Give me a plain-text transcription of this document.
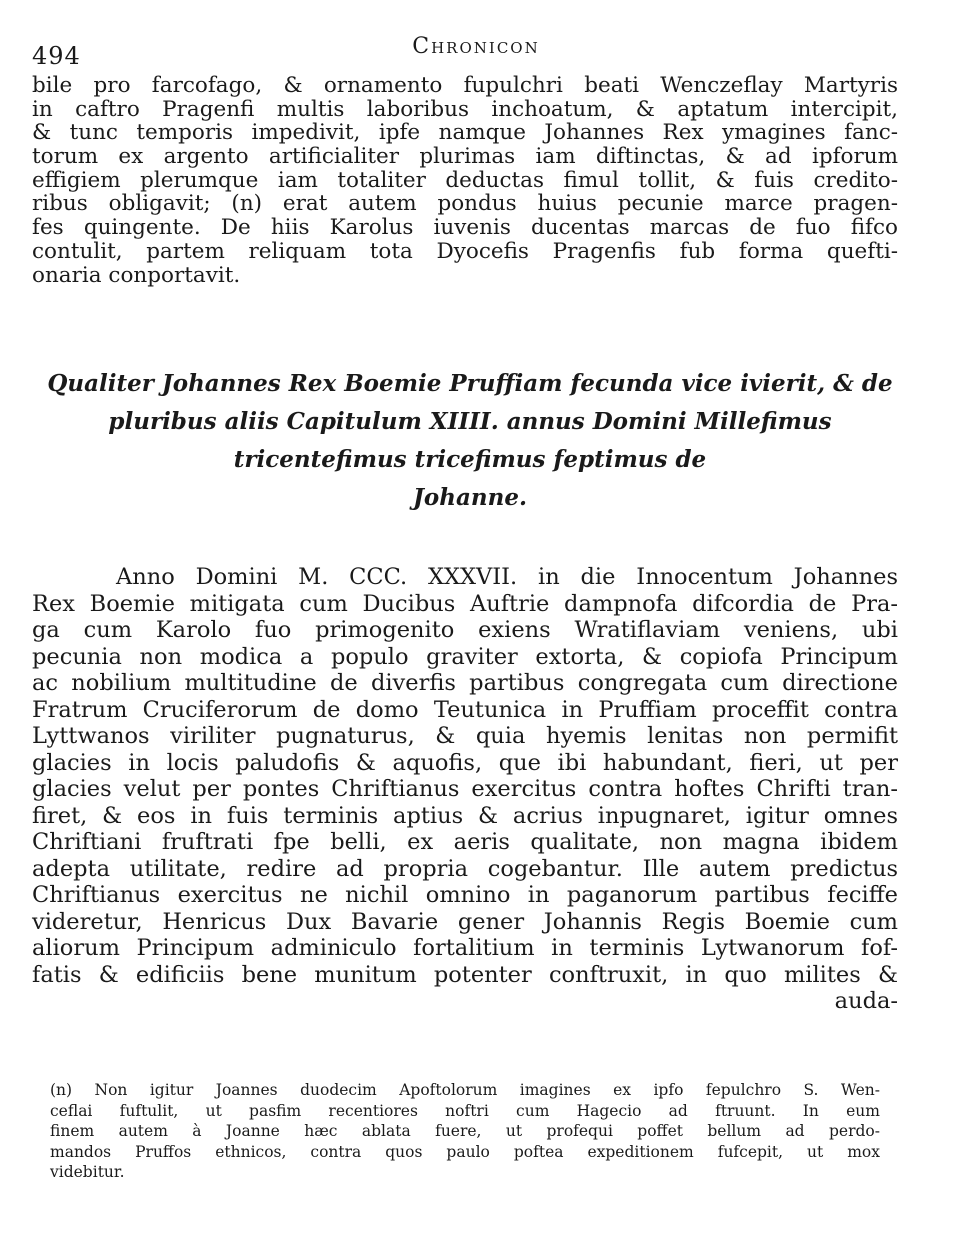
494	Chronicon
bile pro farcofago, & ornamento fupulchri beati Wenczeflay Martyris
in caftro Pragenfi multis laboribus inchoatum, & aptatum intercipit,
& tunc temporis impedivit, ipfe namque Johannes Rex ymagines fanc-
torum ex argento artificialiter plurimas iam diftinctas, & ad ipforum
effigiem plerumque iam totaliter deductas fimul tollit, & fuis credito-
ribus obligavit; (n) erat autem pondus huius pecunie marce pragen-
fes quingente. De hiis Karolus iuvenis ducentas marcas de fuo fifco
contulit, partem reliquam tota Dyocefis Pragenfis fub forma quefti-
onaria conportavit.
Qualiter Johannes Rex Boemie Pruffiam fecunda vice ivierit, & de
pluribus aliis Capitulum XIIII. annus Domini Millefimus
tricentefimus tricefimus feptimus de
Johanne.
Anno Domini M. CCC. XXXVII. in die Innocentum Johannes
Rex Boemie mitigata cum Ducibus Auftrie dampnofa difcordia de Pra-
ga cum Karolo fuo primogenito exiens Wratiflaviam veniens, ubi
pecunia non modica a populo graviter extorta, & copiofa Principum
ac nobilium multitudine de diverfis partibus congregata cum directione
Fratrum Cruciferorum de domo Teutunica in Pruffiam proceffit contra
Lyttwanos viriliter pugnaturus, & quia hyemis lenitas non permifit
glacies in locis paludofis & aquofis, que ibi habundant, fieri, ut per
glacies velut per pontes Chriftianus exercitus contra hoftes Chrifti tran-
firet, & eos in fuis terminis aptius & acrius inpugnaret, igitur omnes
Chriftiani fruftrati fpe belli, ex aeris qualitate, non magna ibidem
adepta utilitate, redire ad propria cogebantur. Ille autem predictus
Chriftianus exercitus ne nichil omnino in paganorum partibus feciffe
videretur, Henricus Dux Bavarie gener Johannis Regis Boemie cum
aliorum Principum adminiculo fortalitium in terminis Lytwanorum fof-
fatis & edificiis bene munitum potenter conftruxit, in quo milites &
auda-
(n) Non igitur Joannes duodecim Apoftolorum imagines ex ipfo fepulchro S. Wen-
ceflai fuftulit, ut pasfim recentiores noftri cum Hagecio ad ftruunt. In eum
finem autem à Joanne hæc ablata fuere, ut profequi poffet bellum ad perdo-
mandos Pruffos ethnicos, contra quos paulo poftea expeditionem fufcepit, ut mox
videbitur.
